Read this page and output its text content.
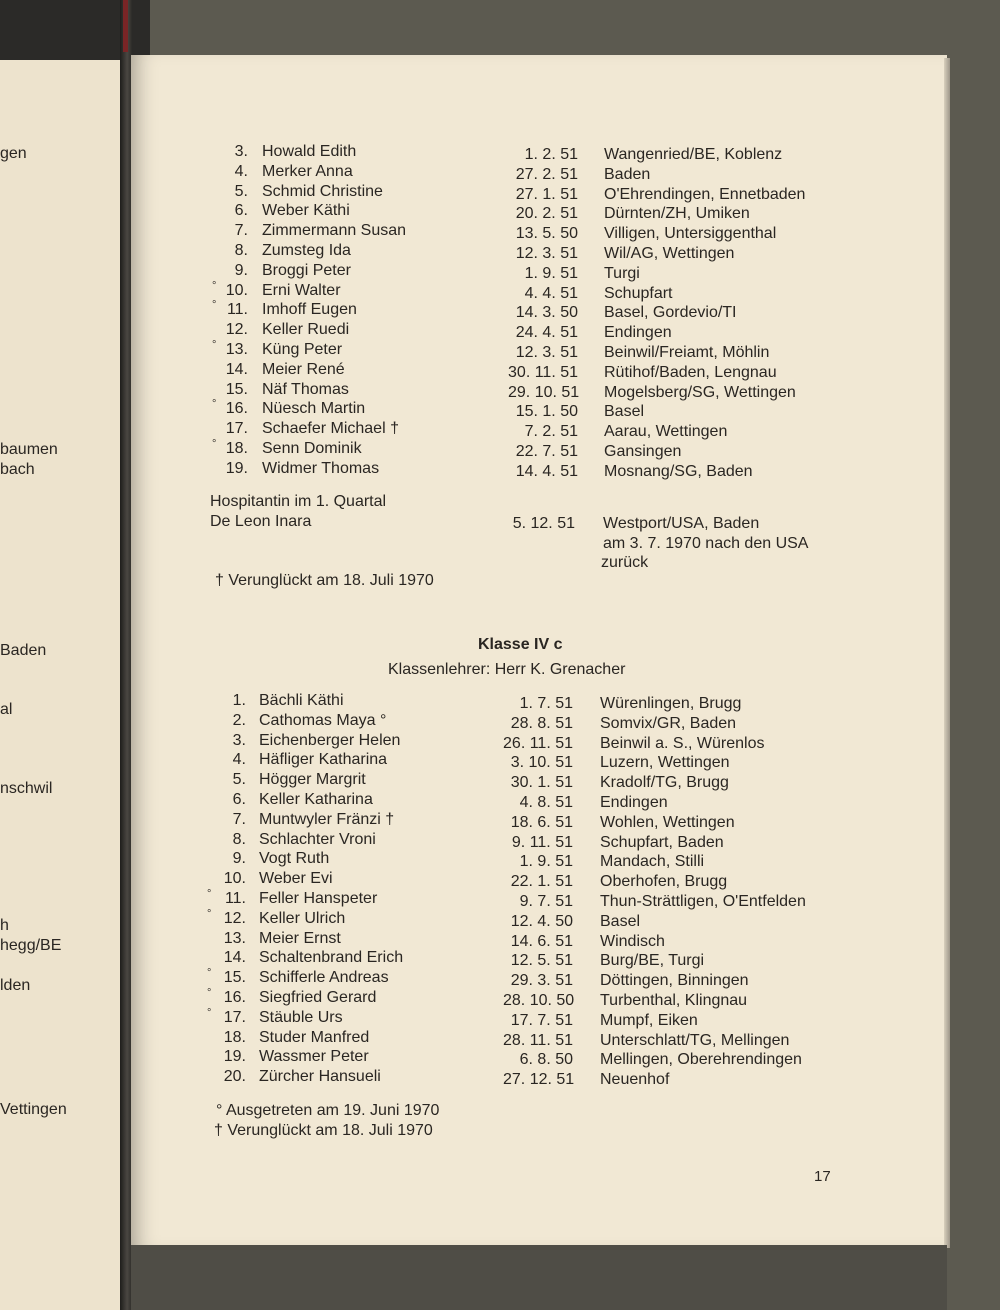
gen
baumen
bach
Baden
al
nschwil
h
hegg/BE
lden
Vettingen
3. Howald Edith	1. 2. 51 Wangenried/BE, Koblenz
4. Merker Anna	27. 2. 51 Baden
5. Schmid Christine	27. 1. 51 O'Ehrendingen, Ennetbaden
6. Weber Käthi	20. 2. 51 Dürnten/ZH, Umiken
7. Zimmermann Susan	13. 5. 50 Villigen, Untersiggenthal
8. Zumsteg Ida	12. 3. 51 Wil/AG, Wettingen
9. Broggi Peter	1. 9. 51 Turgi
10. Erni Walter	4. 4. 51 Schupfart
°
11. Imhoff Eugen	14. 3. 50 Basel, Gordevio/TI
°
12. Keller Ruedi	24. 4. 51 Endingen
13. Küng Peter	12. 3. 51 Beinwil/Freiamt, Möhlin
°
14. Meier René	30. 11. 51 Rütihof/Baden, Lengnau
15. Näf Thomas	29. 10. 51 Mogelsberg/SG, Wettingen
16. Nüesch Martin	15. 1. 50 Basel
°
17. Schaefer Michael †	7. 2. 51 Aarau, Wettingen
18. Senn Dominik	22. 7. 51 Gansingen
°
19. Widmer Thomas	14. 4. 51 Mosnang/SG, Baden
Hospitantin im 1. Quartal
De Leon Inara	5. 12. 51 Westport/USA, Baden
am 3. 7. 1970 nach den USA
zurück
† Verunglückt am 18. Juli 1970
Klasse IV c
Klassenlehrer: Herr K. Grenacher
1. Bächli Käthi	1. 7. 51 Würenlingen, Brugg
2. Cathomas Maya °	28. 8. 51 Somvix/GR, Baden
3. Eichenberger Helen	26. 11. 51 Beinwil a. S., Würenlos
4. Häfliger Katharina	3. 10. 51 Luzern, Wettingen
5. Högger Margrit	30. 1. 51 Kradolf/TG, Brugg
6. Keller Katharina	4. 8. 51 Endingen
7. Muntwyler Fränzi †	18. 6. 51 Wohlen, Wettingen
8. Schlachter Vroni	9. 11. 51 Schupfart, Baden
9. Vogt Ruth	1. 9. 51 Mandach, Stilli
10. Weber Evi	22. 1. 51 Oberhofen, Brugg
11. Feller Hanspeter	9. 7. 51 Thun-Strättligen, O'Entfelden
°
12. Keller Ulrich	12. 4. 50 Basel
°
13. Meier Ernst	14. 6. 51 Windisch
14. Schaltenbrand Erich	12. 5. 51 Burg/BE, Turgi
15. Schifferle Andreas	29. 3. 51 Döttingen, Binningen
°
16. Siegfried Gerard	28. 10. 50 Turbenthal, Klingnau
°
17. Stäuble Urs	17. 7. 51 Mumpf, Eiken
°
18. Studer Manfred	28. 11. 51 Unterschlatt/TG, Mellingen
19. Wassmer Peter	6. 8. 50 Mellingen, Oberehrendingen
20. Zürcher Hansueli	27. 12. 51 Neuenhof
° Ausgetreten am 19. Juni 1970
† Verunglückt am 18. Juli 1970
17
